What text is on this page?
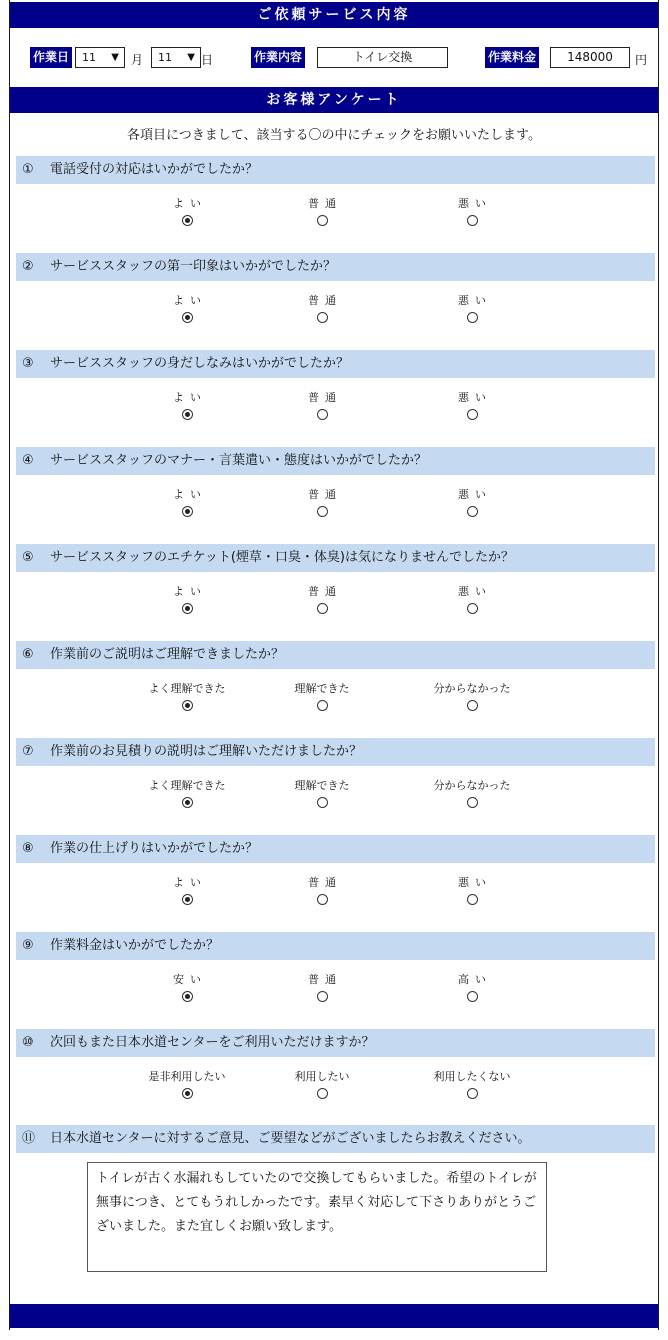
ご依頼サービス内容
作業日 11 ▼ 月 11 ▼ 日	作業内容	トイレ交換	作業料金	148000	円
お客様アンケート
各項目につきまして、該当する〇の中にチェックをお願いいたします。
① 電話受付の対応はいかがでしたか？
よい	普通	悪い
② サービススタッフの第一印象はいかがでしたか？
よい	普通	悪い
③ サービススタッフの身だしなみはいかがでしたか？
よい	普通	悪い
④ サービススタッフのマナー・言葉遣い・態度はいかがでしたか？
よい	普通	悪い
⑤ サービススタッフのエチケット(煙草・口臭・体臭)は気になりませんでしたか？
よい	普通	悪い
⑥ 作業前のご説明はご理解できましたか？
よく理解できた	理解できた	分からなかった
⑦ 作業前のお見積りの説明はご理解いただけましたか？
よく理解できた	理解できた	分からなかった
⑧ 作業の仕上げりはいかがでしたか？
よい	普通	悪い
⑨ 作業料金はいかがでしたか？
安い	普通	高い
⑩ 次回もまた日本水道センターをご利用いただけますか？
是非利用したい	利用したい	利用したくない
⑪ 日本水道センターに対するご意見、ご要望などがございましたらお教えください。
トイレが古く水漏れもしていたので交換してもらいました。希望のトイレが無事につき、とてもうれしかったです。素早く対応して下さりありがとうございました。また宜しくお願い致します。
